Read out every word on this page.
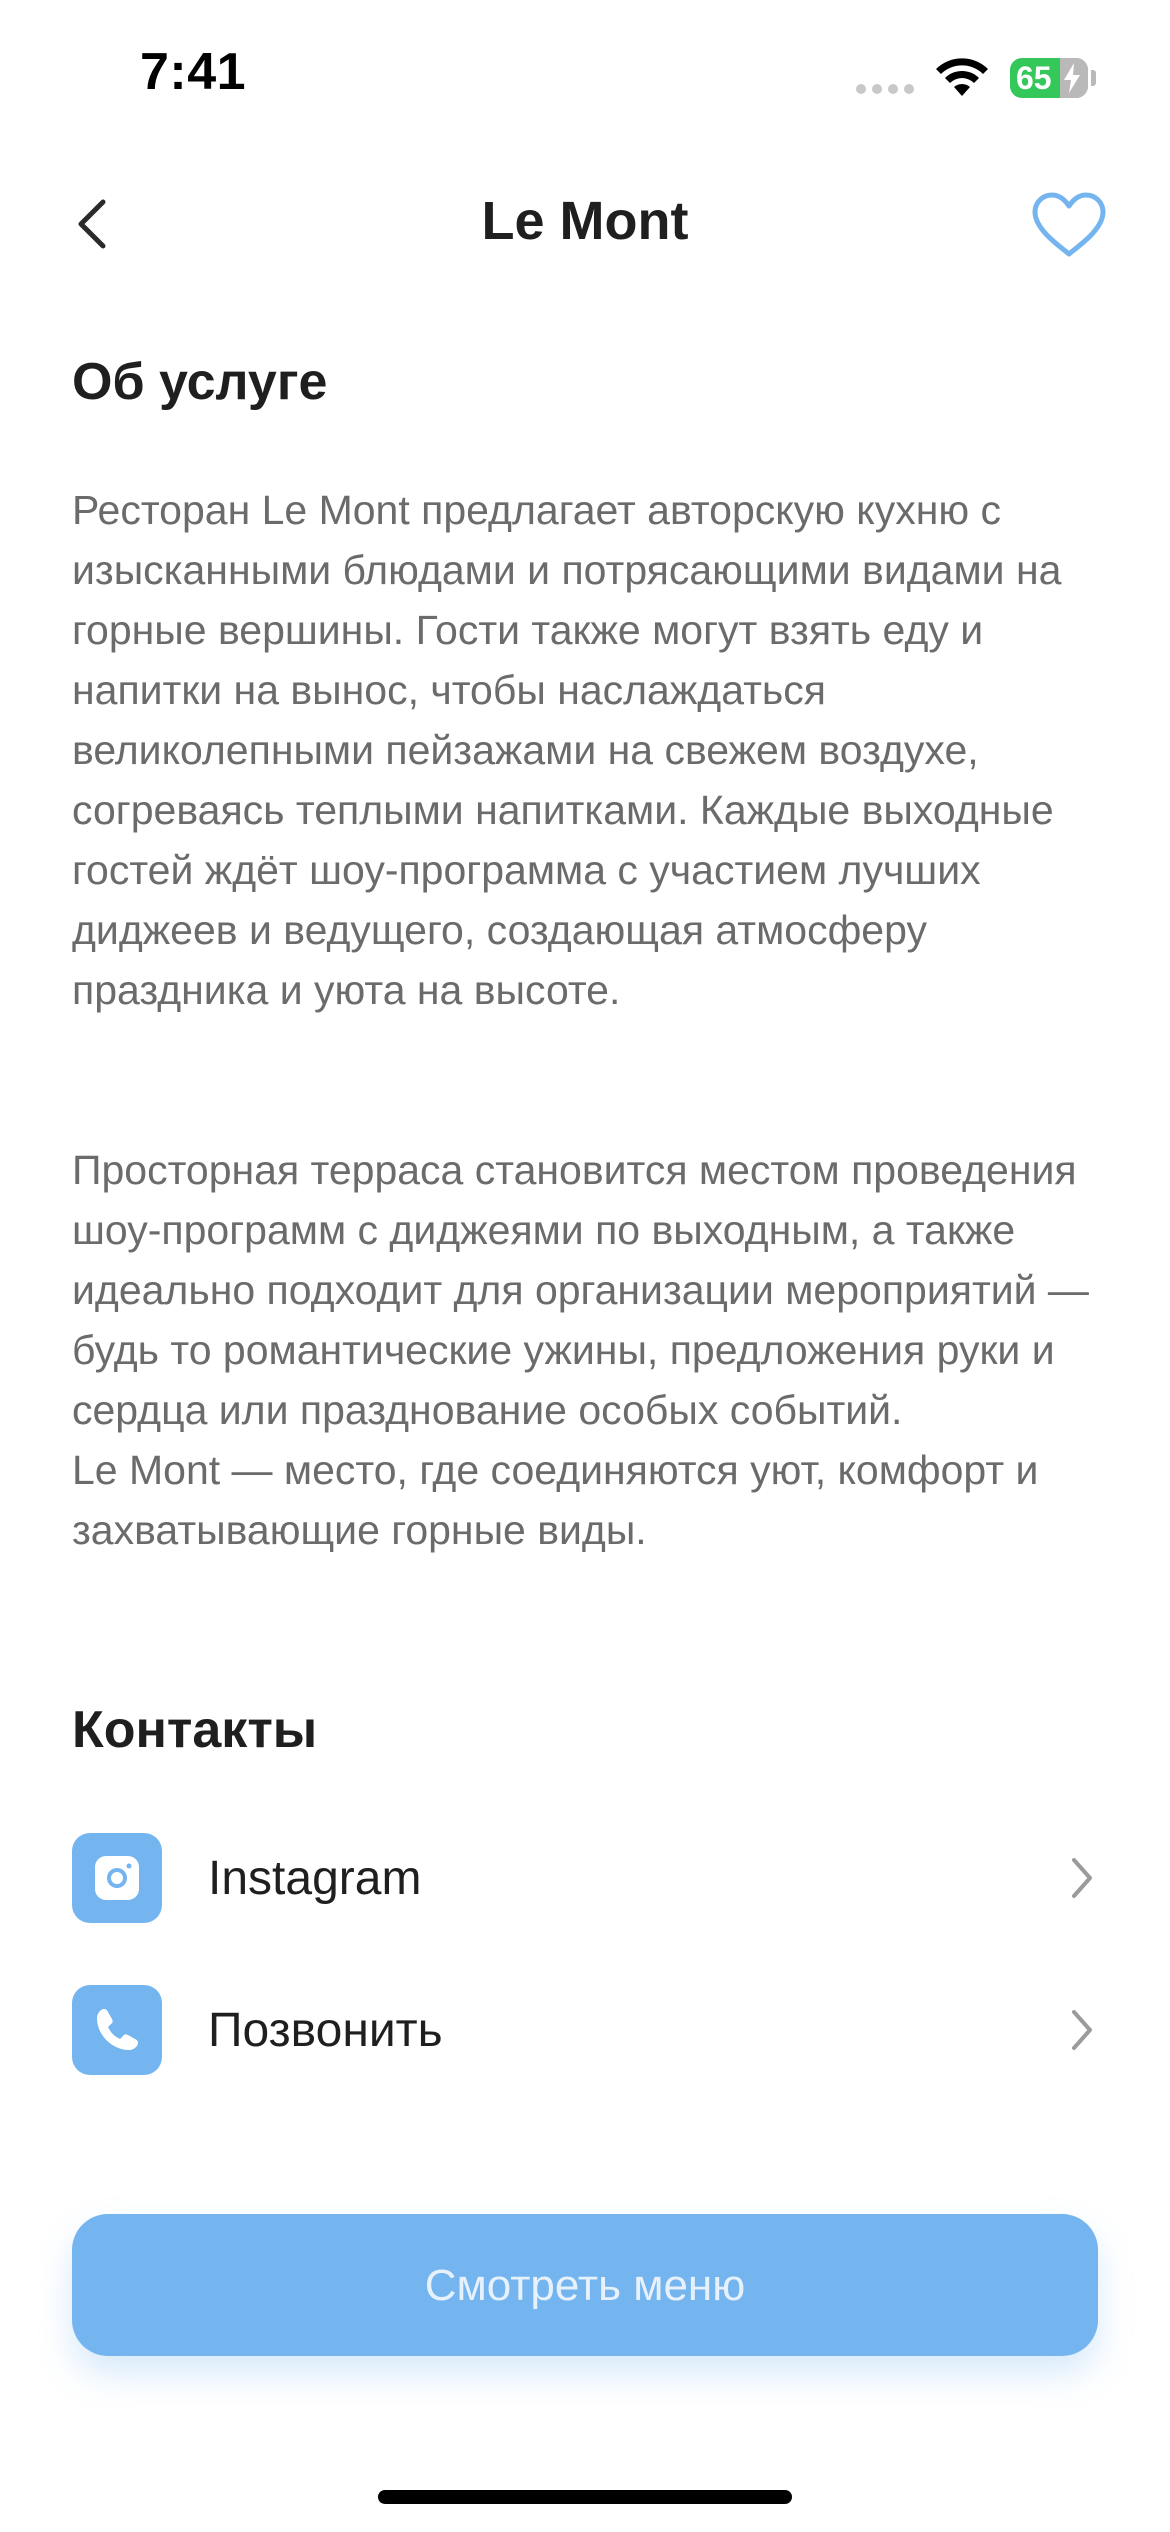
7:41	65
Le Mont
Об услуге

Ресторан Le Mont предлагает авторскую кухню с изысканными блюдами и потрясающими видами на горные вершины. Гости также могут взять еду и напитки на вынос, чтобы наслаждаться великолепными пейзажами на свежем воздухе, согреваясь теплыми напитками. Каждые выходные гостей ждёт шоу-программа с участием лучших диджеев и ведущего, создающая атмосферу праздника и уюта на высоте.

Просторная терраса становится местом проведения шоу-программ с диджеями по выходным, а также идеально подходит для организации мероприятий — будь то романтические ужины, предложения руки и сердца или празднование особых событий.
Le Mont — место, где соединяются уют, комфорт и захватывающие горные виды.

Контакты
Instagram
Позвонить
Смотреть меню
